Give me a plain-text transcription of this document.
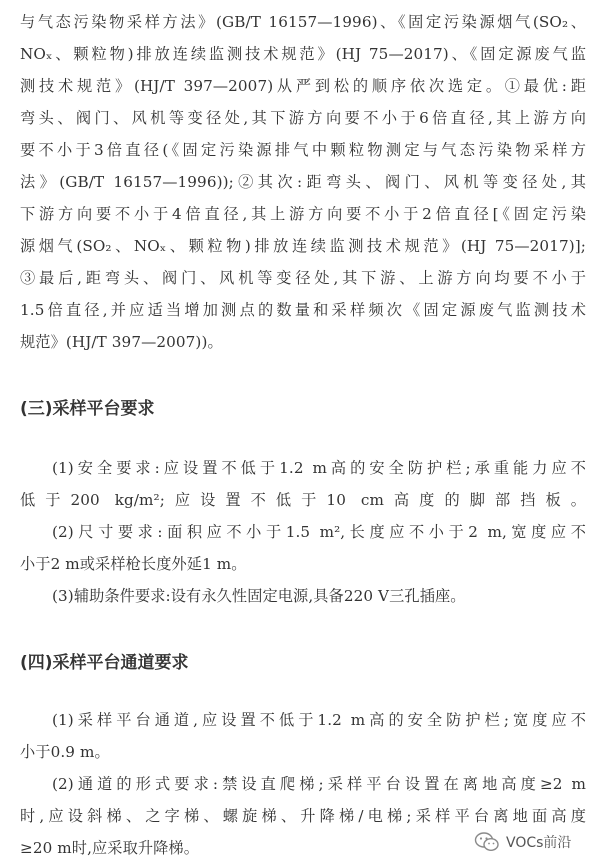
与气态污染物采样方法》(GB/T 16157—1996)、《固定污染源烟气(SO₂、

NOₓ、颗粒物)排放连续监测技术规范》(HJ 75—2017)、《固定源废气监

测技术规范》(HJ/T 397—2007)从严到松的顺序依次选定。①最优:距

弯头、阀门、风机等变径处,其下游方向要不小于6倍直径,其上游方向

要不小于3倍直径(《固定污染源排气中颗粒物测定与气态污染物采样方

法》(GB/T 16157—1996));②其次:距弯头、阀门、风机等变径处,其

下游方向要不小于4倍直径,其上游方向要不小于2倍直径[《固定污染

源烟气(SO₂、NOₓ、颗粒物)排放连续监测技术规范》(HJ 75—2017)];

③最后,距弯头、阀门、风机等变径处,其下游、上游方向均要不小于

1.5倍直径,并应适当增加测点的数量和采样频次《固定源废气监测技术

规范》(HJ/T 397—2007))。

(三)采样平台要求

(1)安全要求:应设置不低于1.2 m高的安全防护栏;承重能力应不

低于200 kg/m²;应设置不低于10 cm高度的脚部挡板。

(2)尺寸要求:面积应不小于1.5 m²,长度应不小于2 m,宽度应不

小于2 m或采样枪长度外延1 m。

(3)辅助条件要求:设有永久性固定电源,具备220 V三孔插座。

(四)采样平台通道要求

(1)采样平台通道,应设置不低于1.2 m高的安全防护栏;宽度应不

小于0.9 m。

(2)通道的形式要求:禁设直爬梯;采样平台设置在离地高度≥2 m

时,应设斜梯、之字梯、螺旋梯、升降梯/电梯;采样平台离地面高度

≥20 m时,应采取升降梯。	VOCs前沿
